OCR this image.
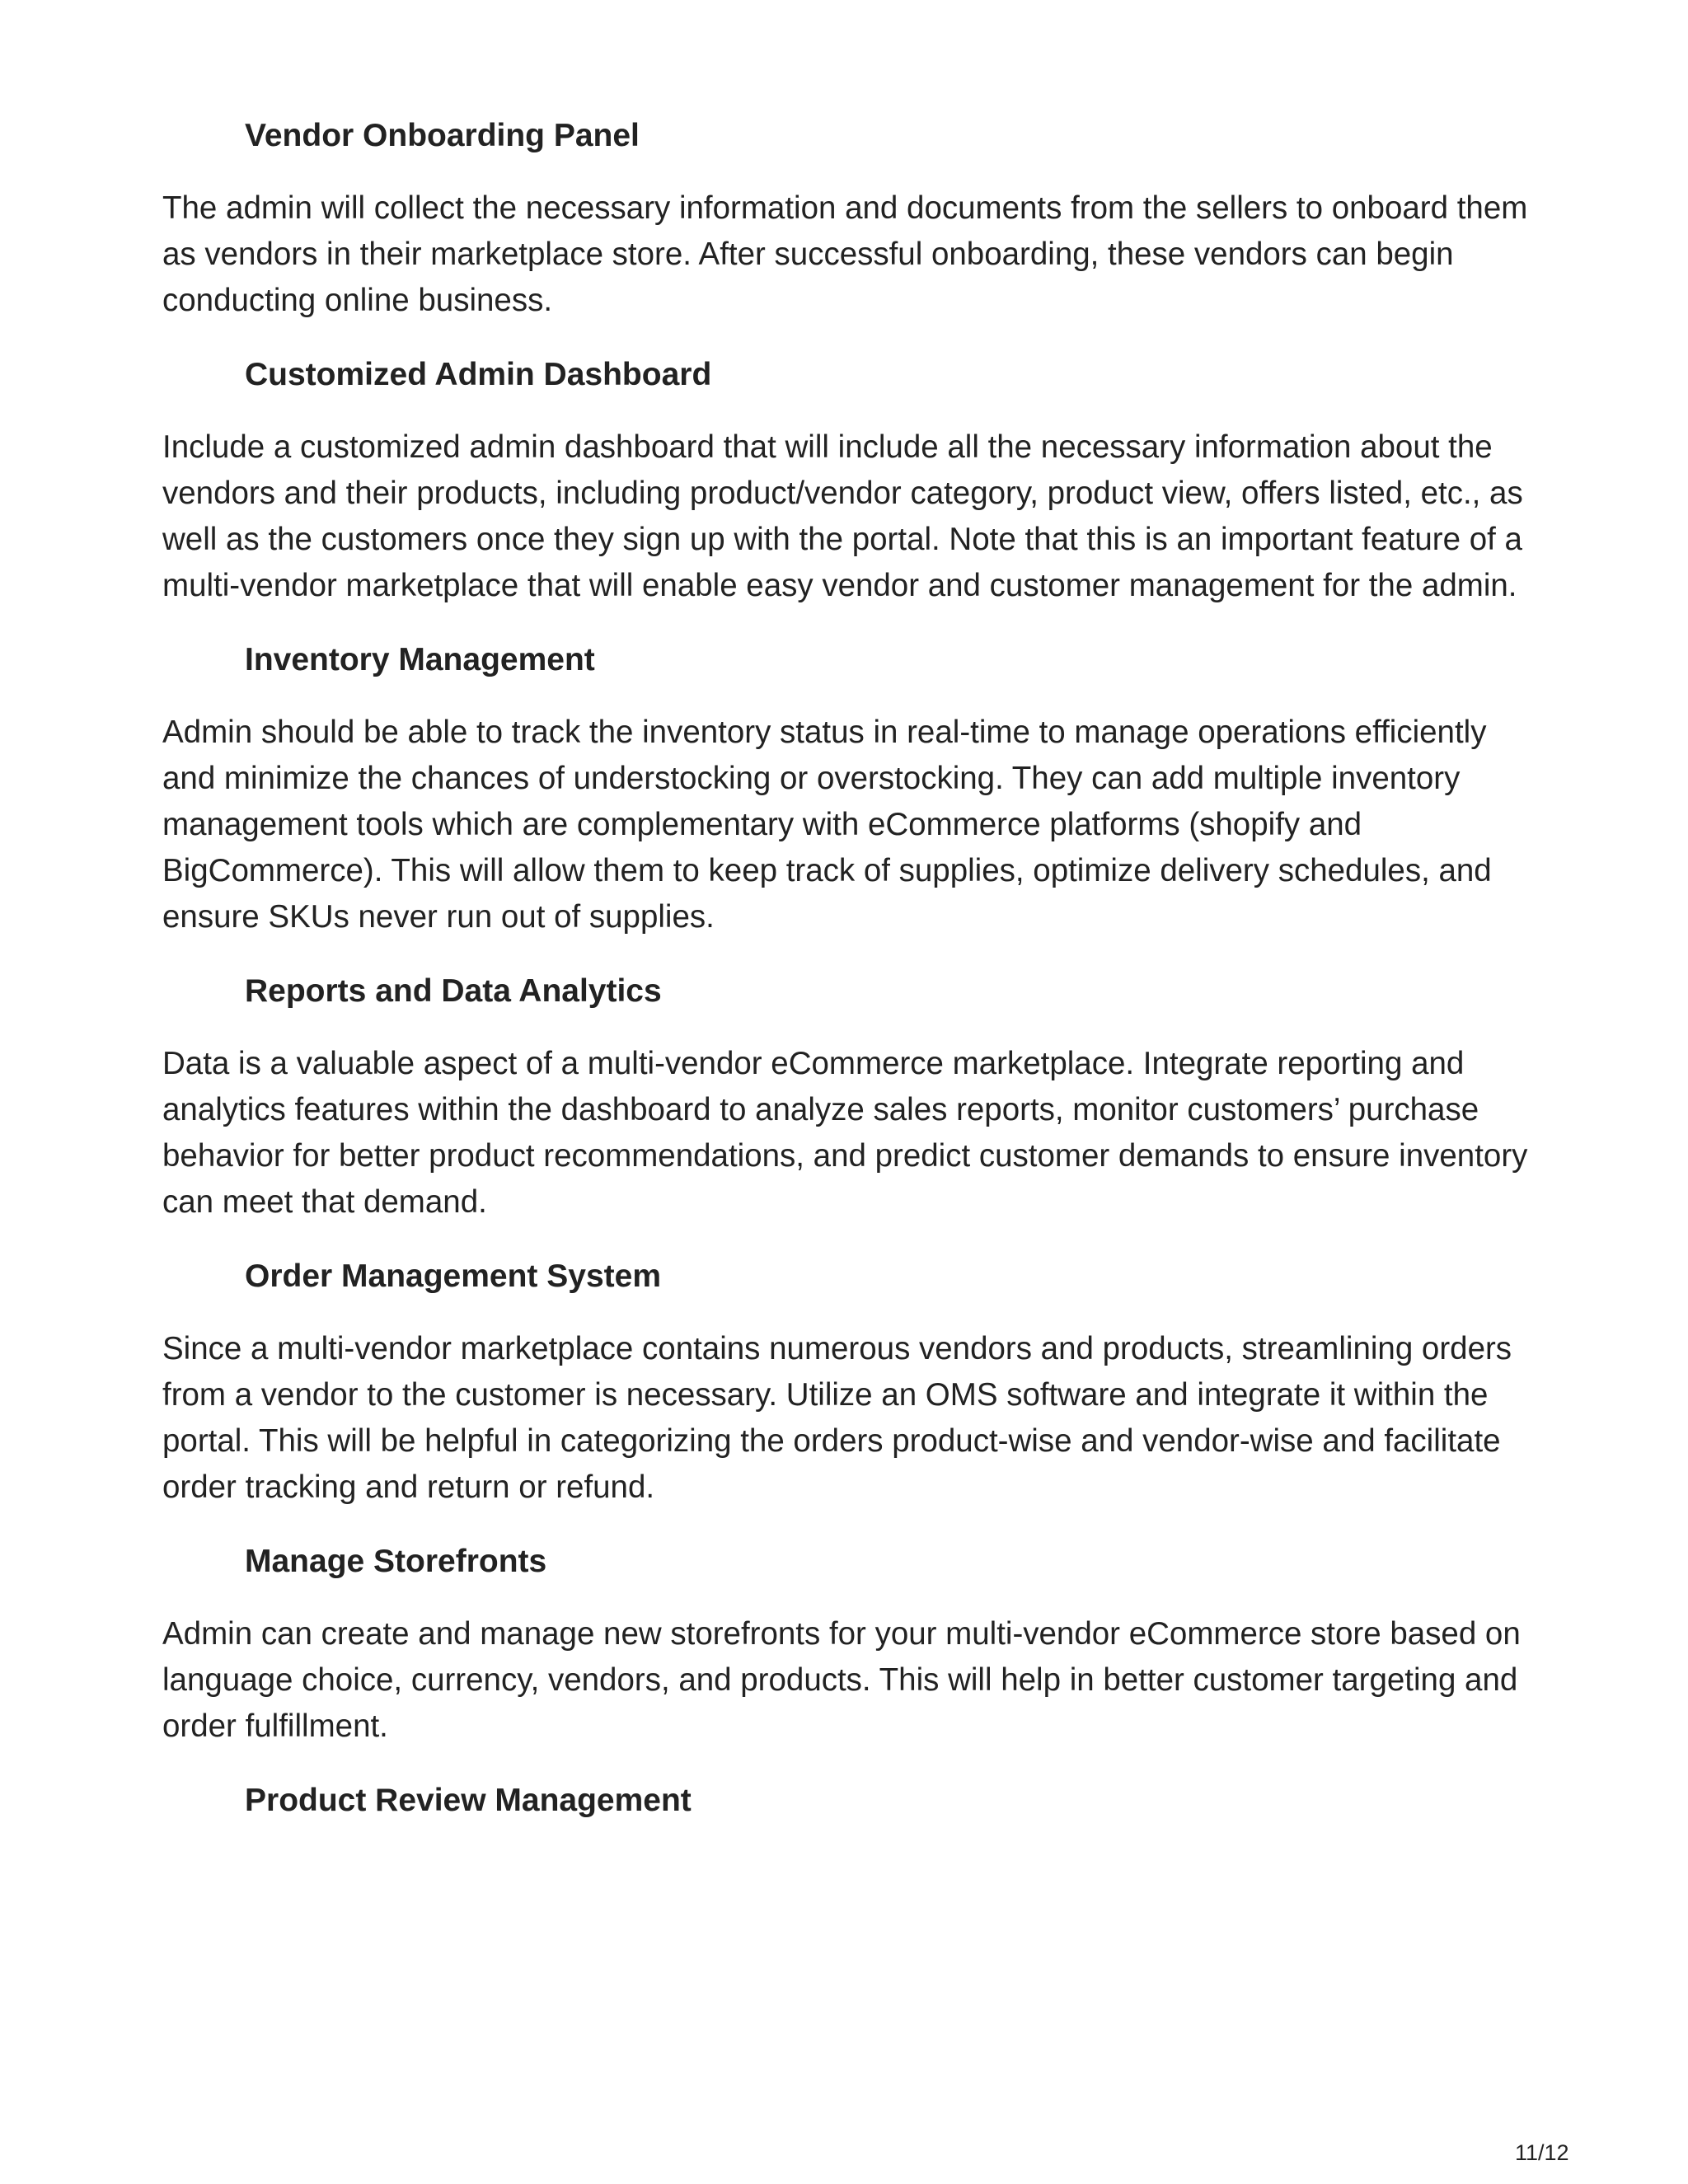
Vendor Onboarding Panel

The admin will collect the necessary information and documents from the sellers to onboard them as vendors in their marketplace store. After successful onboarding, these vendors can begin conducting online business.

Customized Admin Dashboard

Include a customized admin dashboard that will include all the necessary information about the vendors and their products, including product/vendor category, product view, offers listed, etc., as well as the customers once they sign up with the portal. Note that this is an important feature of a multi-vendor marketplace that will enable easy vendor and customer management for the admin.

Inventory Management

Admin should be able to track the inventory status in real-time to manage operations efficiently and minimize the chances of understocking or overstocking. They can add multiple inventory management tools which are complementary with eCommerce platforms (shopify and BigCommerce). This will allow them to keep track of supplies, optimize delivery schedules, and ensure SKUs never run out of supplies.

Reports and Data Analytics

Data is a valuable aspect of a multi-vendor eCommerce marketplace. Integrate reporting and analytics features within the dashboard to analyze sales reports, monitor customers’ purchase behavior for better product recommendations, and predict customer demands to ensure inventory can meet that demand.

Order Management System

Since a multi-vendor marketplace contains numerous vendors and products, streamlining orders from a vendor to the customer is necessary. Utilize an OMS software and integrate it within the portal. This will be helpful in categorizing the orders product-wise and vendor-wise and facilitate order tracking and return or refund.

Manage Storefronts

Admin can create and manage new storefronts for your multi-vendor eCommerce store based on language choice, currency, vendors, and products. This will help in better customer targeting and order fulfillment.

Product Review Management
11/12
